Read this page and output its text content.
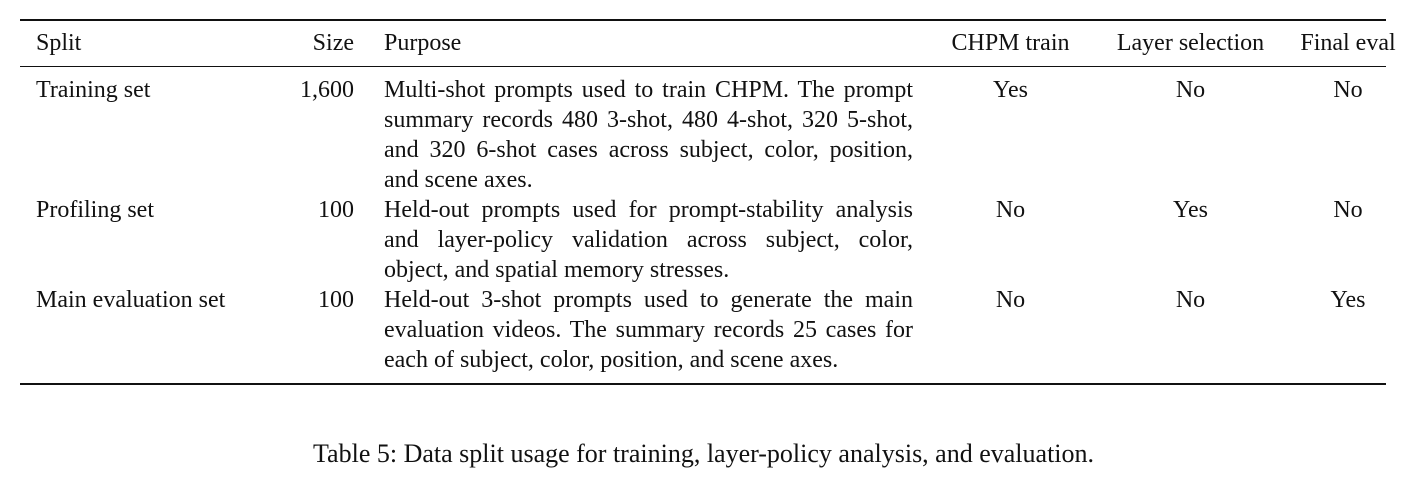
Split	Size	Purpose	CHPM train	Layer selection	Final eval
Training set	1,600	Multi-shot prompts used to train CHPM. The prompt summary records 480 3-shot, 480 4-shot, 320 5-shot, and 320 6-shot cases across subject, color, position, and scene axes.	Yes	No	No
Profiling set	100	Held-out prompts used for prompt-stability analysis and layer-policy validation across subject, color, object, and spatial memory stresses.	No	Yes	No
Main evaluation set	100	Held-out 3-shot prompts used to generate the main evaluation videos. The summary records 25 cases for each of subject, color, position, and scene axes.	No	No	Yes
Table 5: Data split usage for training, layer-policy analysis, and evaluation.
